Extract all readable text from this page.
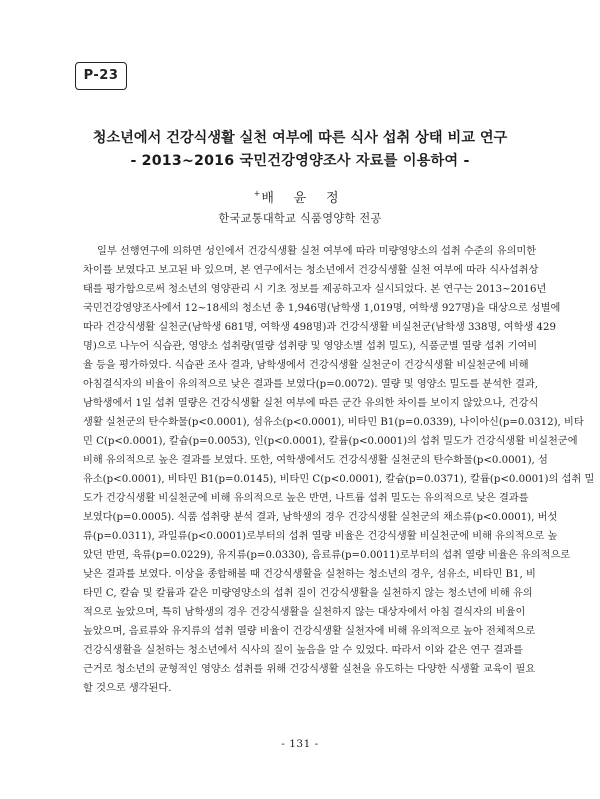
P-23
청소년에서 건강식생활 실천 여부에 따른 식사 섭취 상태 비교 연구
- 2013~2016 국민건강영양조사 자료를 이용하여 -
+배 윤 정
한국교통대학교 식품영양학 전공
일부 선행연구에 의하면 성인에서 건강식생활 실천 여부에 따라 미량영양소의 섭취 수준의 유의미한
차이를 보였다고 보고된 바 있으며, 본 연구에서는 청소년에서 건강식생활 실천 여부에 따라 식사섭취상
태를 평가함으로써 청소년의 영양관리 시 기초 정보를 제공하고자 실시되었다. 본 연구는 2013~2016년
국민건강영양조사에서 12~18세의 청소년 총 1,946명(남학생 1,019명, 여학생 927명)을 대상으로 성별에
따라 건강식생활 실천군(남학생 681명, 여학생 498명)과 건강식생활 비실천군(남학생 338명, 여학생 429
명)으로 나누어 식습관, 영양소 섭취량(열량 섭취량 및 영양소별 섭취 밀도), 식품군별 열량 섭취 기여비
율 등을 평가하였다. 식습관 조사 결과, 남학생에서 건강식생활 실천군이 건강식생활 비실천군에 비해
아침결식자의 비율이 유의적으로 낮은 결과를 보였다(p=0.0072). 열량 및 영양소 밀도를 분석한 결과,
남학생에서 1일 섭취 열량은 건강식생활 실천 여부에 따른 군간 유의한 차이를 보이지 않았으나, 건강식
생활 실천군의 탄수화물(p<0.0001), 섬유소(p<0.0001), 비타민 B1(p=0.0339), 나이아신(p=0.0312), 비타
민 C(p<0.0001), 칼슘(p=0.0053), 인(p<0.0001), 칼륨(p<0.0001)의 섭취 밀도가 건강식생활 비실천군에
비해 유의적으로 높은 결과를 보였다. 또한, 여학생에서도 건강식생활 실천군의 탄수화물(p<0.0001), 섬
유소(p<0.0001), 비타민 B1(p=0.0145), 비타민 C(p<0.0001), 칼슘(p=0.0371), 칼륨(p<0.0001)의 섭취 밀
도가 건강식생활 비실천군에 비해 유의적으로 높은 반면, 나트륨 섭취 밀도는 유의적으로 낮은 결과를
보였다(p=0.0005). 식품 섭취량 분석 결과, 남학생의 경우 건강식생활 실천군의 채소류(p<0.0001), 버섯
류(p=0.0311), 과일류(p<0.0001)로부터의 섭취 열량 비율은 건강식생활 비실천군에 비해 유의적으로 높
았던 반면, 육류(p=0.0229), 유지류(p=0.0330), 음료류(p=0.0011)로부터의 섭취 열량 비율은 유의적으로
낮은 결과를 보였다. 이상을 종합해볼 때 건강식생활을 실천하는 청소년의 경우, 섬유소, 비타민 B1, 비
타민 C, 칼슘 및 칼륨과 같은 미량영양소의 섭취 질이 건강식생활을 실천하지 않는 청소년에 비해 유의
적으로 높았으며, 특히 남학생의 경우 건강식생활을 실천하지 않는 대상자에서 아침 결식자의 비율이
높았으며, 음료류와 유지류의 섭취 열량 비율이 건강식생활 실천자에 비해 유의적으로 높아 전체적으로
건강식생활을 실천하는 청소년에서 식사의 질이 높음을 알 수 있었다. 따라서 이와 같은 연구 결과를
근거로 청소년의 균형적인 영양소 섭취를 위해 건강식생활 실천을 유도하는 다양한 식생활 교육이 필요
할 것으로 생각된다.
- 131 -
